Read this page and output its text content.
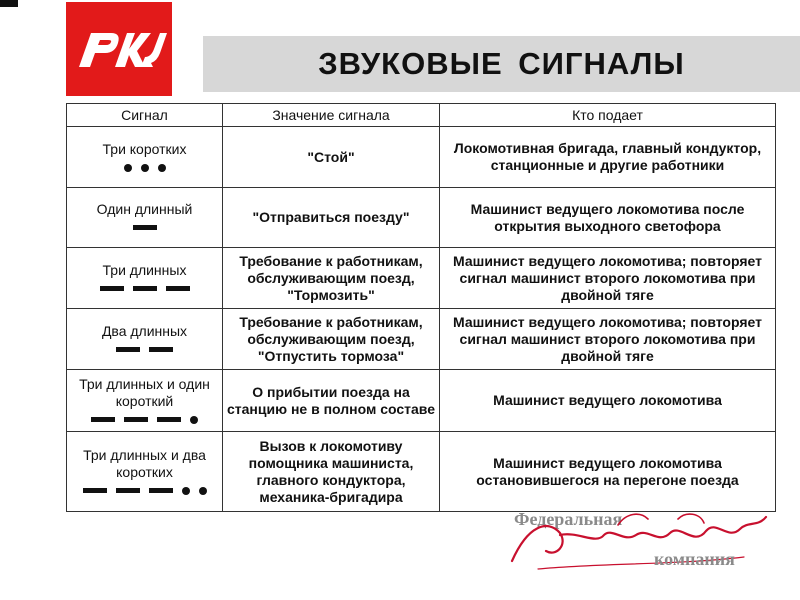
ЗВУКОВЫЕ СИГНАЛЫ
Сигнал	Значение сигнала	Кто подает

Три коротких	"Стой"	Локомотивная бригада, главный кондуктор, станционные и другие работники

Один длинный	"Отправиться поезду"	Машинист ведущего локомотива после открытия выходного светофора

Три длинных	Требование к работникам, обслуживающим поезд, "Тормозить"	Машинист ведущего локомотива; повторяет сигнал машинист второго локомотива при двойной тяге

Два длинных	Требование к работникам, обслуживающим поезд, "Отпустить тормоза"	Машинист ведущего локомотива; повторяет сигнал машинист второго локомотива при двойной тяге

Три длинных и один короткий	О прибытии поезда на станцию не в полном составе	Машинист ведущего локомотива

Три длинных и два коротких	Вызов к локомотиву помощника машиниста, главного кондуктора, механика-бригадира	Машинист ведущего локомотива остановившегося на перегоне поезда
Федеральная
компания
